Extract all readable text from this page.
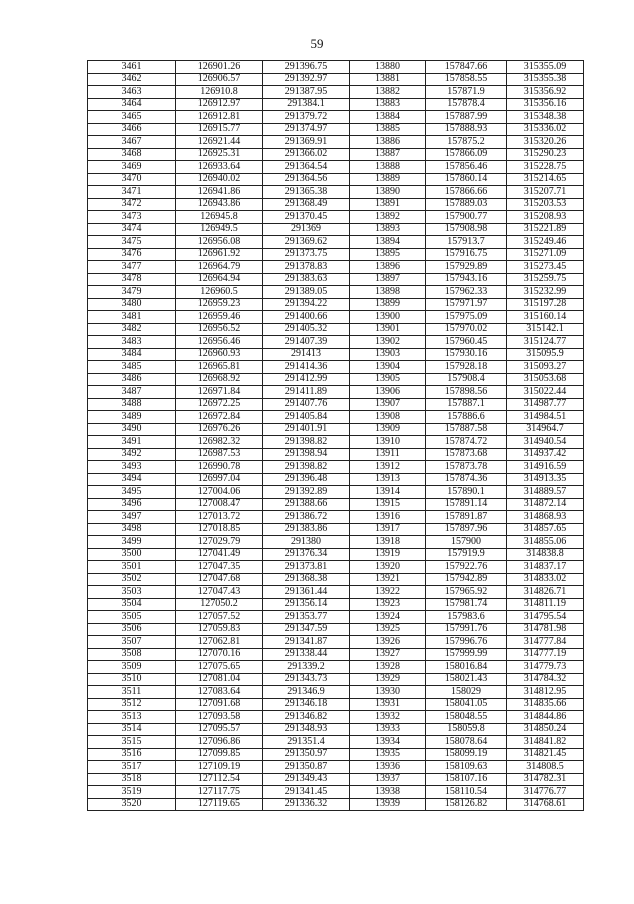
59
3461	126901.26	291396.75	13880	157847.66	315355.09
3462	126906.57	291392.97	13881	157858.55	315355.38
3463	126910.8	291387.95	13882	157871.9	315356.92
3464	126912.97	291384.1	13883	157878.4	315356.16
3465	126912.81	291379.72	13884	157887.99	315348.38
3466	126915.77	291374.97	13885	157888.93	315336.02
3467	126921.44	291369.91	13886	157875.2	315320.26
3468	126925.31	291366.02	13887	157866.09	315290.23
3469	126933.64	291364.54	13888	157856.46	315228.75
3470	126940.02	291364.56	13889	157860.14	315214.65
3471	126941.86	291365.38	13890	157866.66	315207.71
3472	126943.86	291368.49	13891	157889.03	315203.53
3473	126945.8	291370.45	13892	157900.77	315208.93
3474	126949.5	291369	13893	157908.98	315221.89
3475	126956.08	291369.62	13894	157913.7	315249.46
3476	126961.92	291373.75	13895	157916.75	315271.09
3477	126964.79	291378.83	13896	157929.89	315273.45
3478	126964.94	291383.63	13897	157943.16	315259.75
3479	126960.5	291389.05	13898	157962.33	315232.99
3480	126959.23	291394.22	13899	157971.97	315197.28
3481	126959.46	291400.66	13900	157975.09	315160.14
3482	126956.52	291405.32	13901	157970.02	315142.1
3483	126956.46	291407.39	13902	157960.45	315124.77
3484	126960.93	291413	13903	157930.16	315095.9
3485	126965.81	291414.36	13904	157928.18	315093.27
3486	126968.92	291412.99	13905	157908.4	315053.68
3487	126971.84	291411.89	13906	157898.56	315022.44
3488	126972.25	291407.76	13907	157887.1	314987.77
3489	126972.84	291405.84	13908	157886.6	314984.51
3490	126976.26	291401.91	13909	157887.58	314964.7
3491	126982.32	291398.82	13910	157874.72	314940.54
3492	126987.53	291398.94	13911	157873.68	314937.42
3493	126990.78	291398.82	13912	157873.78	314916.59
3494	126997.04	291396.48	13913	157874.36	314913.35
3495	127004.06	291392.89	13914	157890.1	314889.57
3496	127008.47	291388.66	13915	157891.14	314872.14
3497	127013.72	291386.72	13916	157891.87	314868.93
3498	127018.85	291383.86	13917	157897.96	314857.65
3499	127029.79	291380	13918	157900	314855.06
3500	127041.49	291376.34	13919	157919.9	314838.8
3501	127047.35	291373.81	13920	157922.76	314837.17
3502	127047.68	291368.38	13921	157942.89	314833.02
3503	127047.43	291361.44	13922	157965.92	314826.71
3504	127050.2	291356.14	13923	157981.74	314811.19
3505	127057.52	291353.77	13924	157983.6	314795.54
3506	127059.83	291347.59	13925	157991.76	314781.98
3507	127062.81	291341.87	13926	157996.76	314777.84
3508	127070.16	291338.44	13927	157999.99	314777.19
3509	127075.65	291339.2	13928	158016.84	314779.73
3510	127081.04	291343.73	13929	158021.43	314784.32
3511	127083.64	291346.9	13930	158029	314812.95
3512	127091.68	291346.18	13931	158041.05	314835.66
3513	127093.58	291346.82	13932	158048.55	314844.86
3514	127095.57	291348.93	13933	158059.8	314850.24
3515	127096.86	291351.4	13934	158078.64	314841.82
3516	127099.85	291350.97	13935	158099.19	314821.45
3517	127109.19	291350.87	13936	158109.63	314808.5
3518	127112.54	291349.43	13937	158107.16	314782.31
3519	127117.75	291341.45	13938	158110.54	314776.77
3520	127119.65	291336.32	13939	158126.82	314768.61
